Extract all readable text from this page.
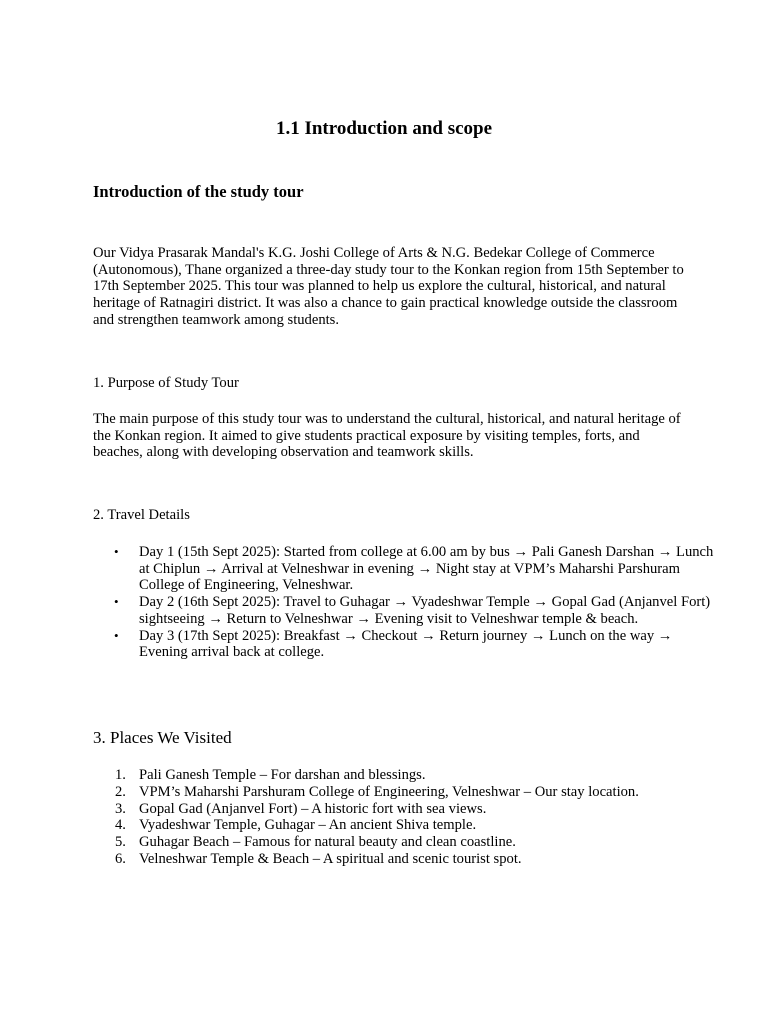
1.1 Introduction and scope
Introduction of the study tour

Our Vidya Prasarak Mandal's K.G. Joshi College of Arts & N.G. Bedekar College of Commerce (Autonomous), Thane organized a three-day study tour to the Konkan region from 15th September to 17th September 2025. This tour was planned to help us explore the cultural, historical, and natural heritage of Ratnagiri district. It was also a chance to gain practical knowledge outside the classroom and strengthen teamwork among students.

1. Purpose of Study Tour

The main purpose of this study tour was to understand the cultural, historical, and natural heritage of the Konkan region. It aimed to give students practical exposure by visiting temples, forts, and beaches, along with developing observation and teamwork skills.

2. Travel Details

• Day 1 (15th Sept 2025): Started from college at 6.00 am by bus → Pali Ganesh Darshan → Lunch at Chiplun → Arrival at Velneshwar in evening → Night stay at VPM’s Maharshi Parshuram College of Engineering, Velneshwar.
• Day 2 (16th Sept 2025): Travel to Guhagar → Vyadeshwar Temple → Gopal Gad (Anjanvel Fort) sightseeing → Return to Velneshwar → Evening visit to Velneshwar temple & beach.
• Day 3 (17th Sept 2025): Breakfast → Checkout → Return journey → Lunch on the way → Evening arrival back at college.
3. Places We Visited
1. Pali Ganesh Temple – For darshan and blessings.
2. VPM’s Maharshi Parshuram College of Engineering, Velneshwar – Our stay location.
3. Gopal Gad (Anjanvel Fort) – A historic fort with sea views.
4. Vyadeshwar Temple, Guhagar – An ancient Shiva temple.
5. Guhagar Beach – Famous for natural beauty and clean coastline.
6. Velneshwar Temple & Beach – A spiritual and scenic tourist spot.
